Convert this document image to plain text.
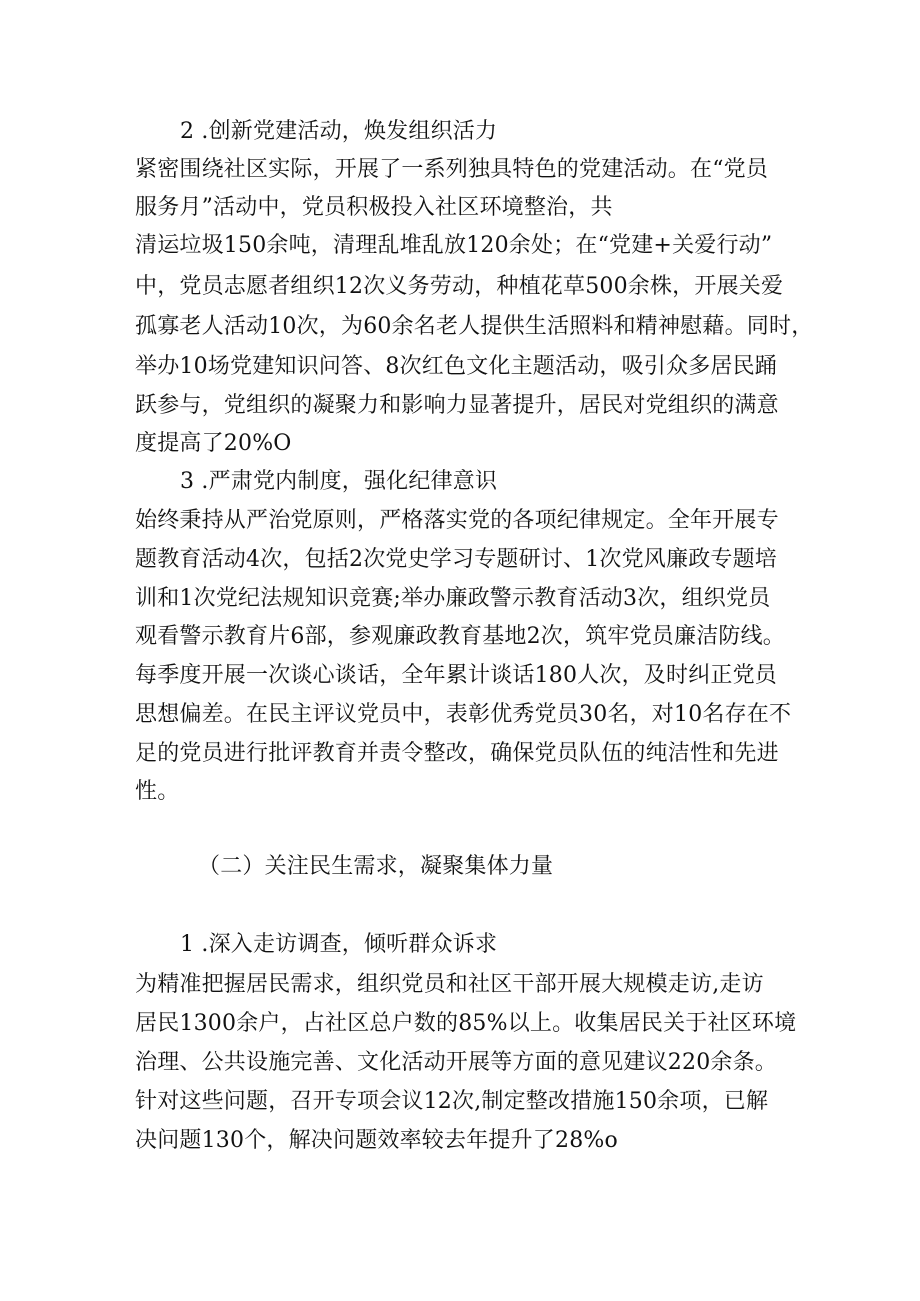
2 .创新党建活动，焕发组织活力
紧密围绕社区实际，开展了一系列独具特色的党建活动。在“党员
服务月”活动中，党员积极投入社区环境整治，共
清运垃圾150余吨，清理乱堆乱放120余处；在“党建+关爱行动”
中，党员志愿者组织12次义务劳动，种植花草500余株，开展关爱
孤寡老人活动10次，为60余名老人提供生活照料和精神慰藉。同时，
举办10场党建知识问答、8次红色文化主题活动，吸引众多居民踊
跃参与，党组织的凝聚力和影响力显著提升，居民对党组织的满意
度提高了20%O
3 .严肃党内制度，强化纪律意识
始终秉持从严治党原则，严格落实党的各项纪律规定。全年开展专
题教育活动4次，包括2次党史学习专题研讨、1次党风廉政专题培
训和1次党纪法规知识竞赛;举办廉政警示教育活动3次，组织党员
观看警示教育片6部，参观廉政教育基地2次，筑牢党员廉洁防线。
每季度开展一次谈心谈话，全年累计谈话180人次，及时纠正党员
思想偏差。在民主评议党员中，表彰优秀党员30名，对10名存在不
足的党员进行批评教育并责令整改，确保党员队伍的纯洁性和先进
性。
（二）关注民生需求，凝聚集体力量
1 .深入走访调查，倾听群众诉求
为精准把握居民需求，组织党员和社区干部开展大规模走访,走访
居民1300余户，占社区总户数的85%以上。收集居民关于社区环境
治理、公共设施完善、文化活动开展等方面的意见建议220余条。
针对这些问题，召开专项会议12次,制定整改措施150余项，已解
决问题130个，解决问题效率较去年提升了28%o
